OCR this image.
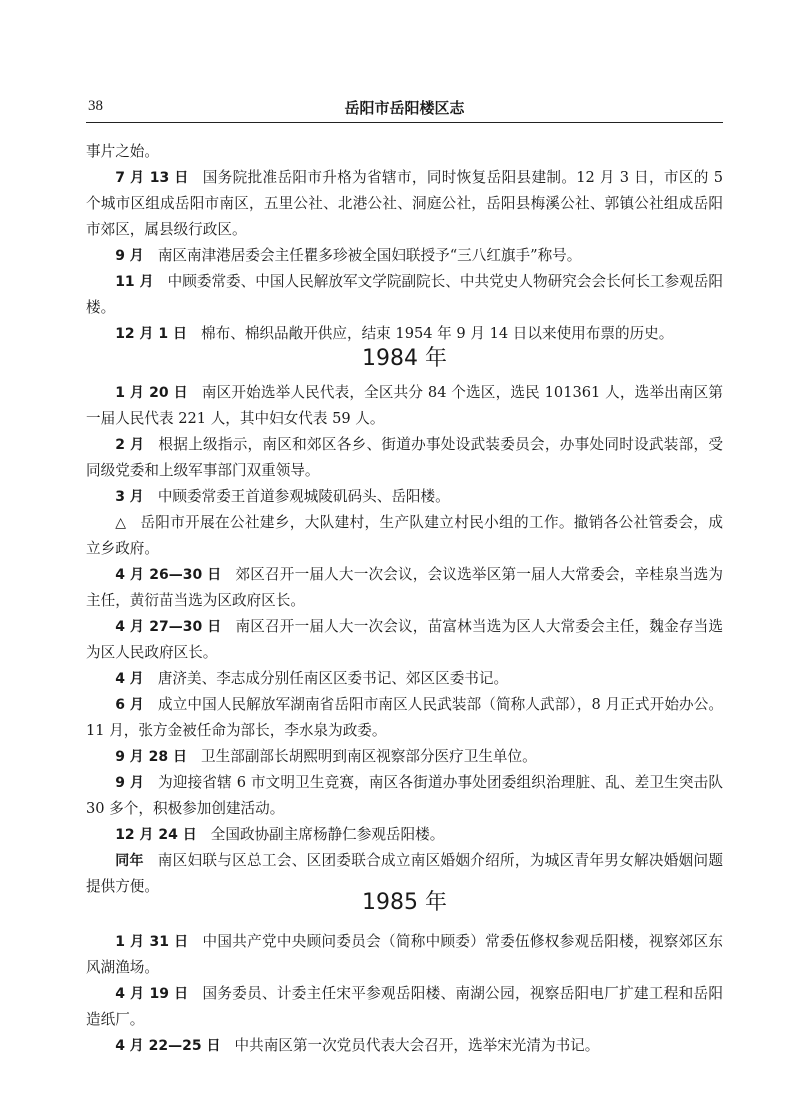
38	岳阳市岳阳楼区志

事片之始。

7 月 13 日 国务院批准岳阳市升格为省辖市，同时恢复岳阳县建制。12 月 3 日，市区的 5 个城市区组成岳阳市南区，五里公社、北港公社、洞庭公社，岳阳县梅溪公社、郭镇公社组成岳阳市郊区，属县级行政区。

9 月 南区南津港居委会主任瞿多珍被全国妇联授予“三八红旗手”称号。

11 月 中顾委常委、中国人民解放军文学院副院长、中共党史人物研究会会长何长工参观岳阳楼。

12 月 1 日 棉布、棉织品敞开供应，结束 1954 年 9 月 14 日以来使用布票的历史。

1984 年

1 月 20 日 南区开始选举人民代表，全区共分 84 个选区，选民 101361 人，选举出南区第一届人民代表 221 人，其中妇女代表 59 人。

2 月 根据上级指示，南区和郊区各乡、街道办事处设武装委员会，办事处同时设武装部，受同级党委和上级军事部门双重领导。

3 月 中顾委常委王首道参观城陵矶码头、岳阳楼。

△ 岳阳市开展在公社建乡，大队建村，生产队建立村民小组的工作。撤销各公社管委会，成立乡政府。

4 月 26—30 日 郊区召开一届人大一次会议，会议选举区第一届人大常委会，辛桂泉当选为主任，黄衍苗当选为区政府区长。

4 月 27—30 日 南区召开一届人大一次会议，苗富林当选为区人大常委会主任，魏金存当选为区人民政府区长。

4 月 唐济美、李志成分别任南区区委书记、郊区区委书记。

6 月 成立中国人民解放军湖南省岳阳市南区人民武装部（简称人武部），8 月正式开始办公。11 月，张方金被任命为部长，李水泉为政委。

9 月 28 日 卫生部副部长胡熙明到南区视察部分医疗卫生单位。

9 月 为迎接省辖 6 市文明卫生竞赛，南区各街道办事处团委组织治理脏、乱、差卫生突击队 30 多个，积极参加创建活动。

12 月 24 日 全国政协副主席杨静仁参观岳阳楼。

同年 南区妇联与区总工会、区团委联合成立南区婚姻介绍所，为城区青年男女解决婚姻问题提供方便。

1985 年

1 月 31 日 中国共产党中央顾问委员会（简称中顾委）常委伍修权参观岳阳楼，视察郊区东风湖渔场。

4 月 19 日 国务委员、计委主任宋平参观岳阳楼、南湖公园，视察岳阳电厂扩建工程和岳阳造纸厂。

4 月 22—25 日 中共南区第一次党员代表大会召开，选举宋光清为书记。
